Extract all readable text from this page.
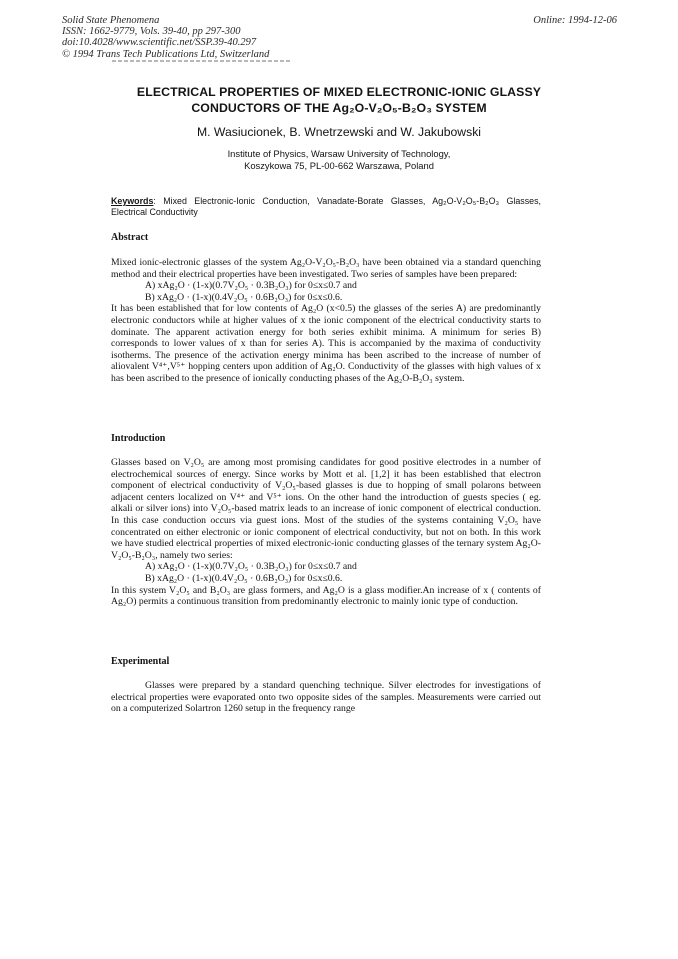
Solid State Phenomena
ISSN: 1662-9779, Vols. 39-40, pp 297-300
doi:10.4028/www.scientific.net/SSP.39-40.297
© 1994 Trans Tech Publications Ltd, Switzerland
Online: 1994-12-06
ELECTRICAL PROPERTIES OF MIXED ELECTRONIC-IONIC GLASSY
CONDUCTORS OF THE Ag₂O-V₂O₅-B₂O₃ SYSTEM
M. Wasiucionek, B. Wnetrzewski and W. Jakubowski
Institute of Physics, Warsaw University of Technology,
Koszykowa 75, PL-00-662 Warszawa, Poland
Keywords: Mixed Electronic-Ionic Conduction, Vanadate-Borate Glasses, Ag₂O-V₂O₅-B₂O₃ Glasses, Electrical Conductivity
Abstract

Mixed ionic-electronic glasses of the system Ag₂O-V₂O₅-B₂O₃ have been obtained via a standard quenching method and their electrical properties have been investigated. Two series of samples have been prepared:

A) xAg₂O · (1-x)(0.7V₂O₅ · 0.3B₂O₃) for 0≤x≤0.7 and

B) xAg₂O · (1-x)(0.4V₂O₅ · 0.6B₂O₃) for 0≤x≤0.6.

It has been established that for low contents of Ag₂O (x<0.5) the glasses of the series A) are predominantly electronic conductors while at higher values of x the ionic component of the electrical conductivity starts to dominate. The apparent activation energy for both series exhibit minima. A minimum for series B) corresponds to lower values of x than for series A). This is accompanied by the maxima of conductivity isotherms. The presence of the activation energy minima has been ascribed to the increase of number of aliovalent V⁴⁺,V⁵⁺ hopping centers upon addition of Ag₂O. Conductivity of the glasses with high values of x has been ascribed to the presence of ionically conducting phases of the Ag₂O-B₂O₃ system.

Introduction

Glasses based on V₂O₅ are among most promising candidates for good positive electrodes in a number of electrochemical sources of energy. Since works by Mott et al. [1,2] it has been established that electron component of electrical conductivity of V₂O₅-based glasses is due to hopping of small polarons between adjacent centers localized on V⁴⁺ and V⁵⁺ ions. On the other hand the introduction of guests species ( eg. alkali or silver ions) into V₂O₅-based matrix leads to an increase of ionic component of electrical conduction. In this case conduction occurs via guest ions. Most of the studies of the systems containing V₂O₅ have concentrated on either electronic or ionic component of electrical conductivity, but not on both. In this work we have studied electrical properties of mixed electronic-ionic conducting glasses of the ternary system Ag₂O-V₂O₅-B₂O₃, namely two series:

A) xAg₂O · (1-x)(0.7V₂O₅ · 0.3B₂O₃) for 0≤x≤0.7 and

B) xAg₂O · (1-x)(0.4V₂O₅ · 0.6B₂O₃) for 0≤x≤0.6.

In this system V₂O₅ and B₂O₃ are glass formers, and Ag₂O is a glass modifier.An increase of x ( contents of Ag₂O) permits a continuous transition from predominantly electronic to mainly ionic type of conduction.

Experimental

Glasses were prepared by a standard quenching technique. Silver electrodes for investigations of electrical properties were evaporated onto two opposite sides of the samples. Measurements were carried out on a computerized Solartron 1260 setup in the frequency range
